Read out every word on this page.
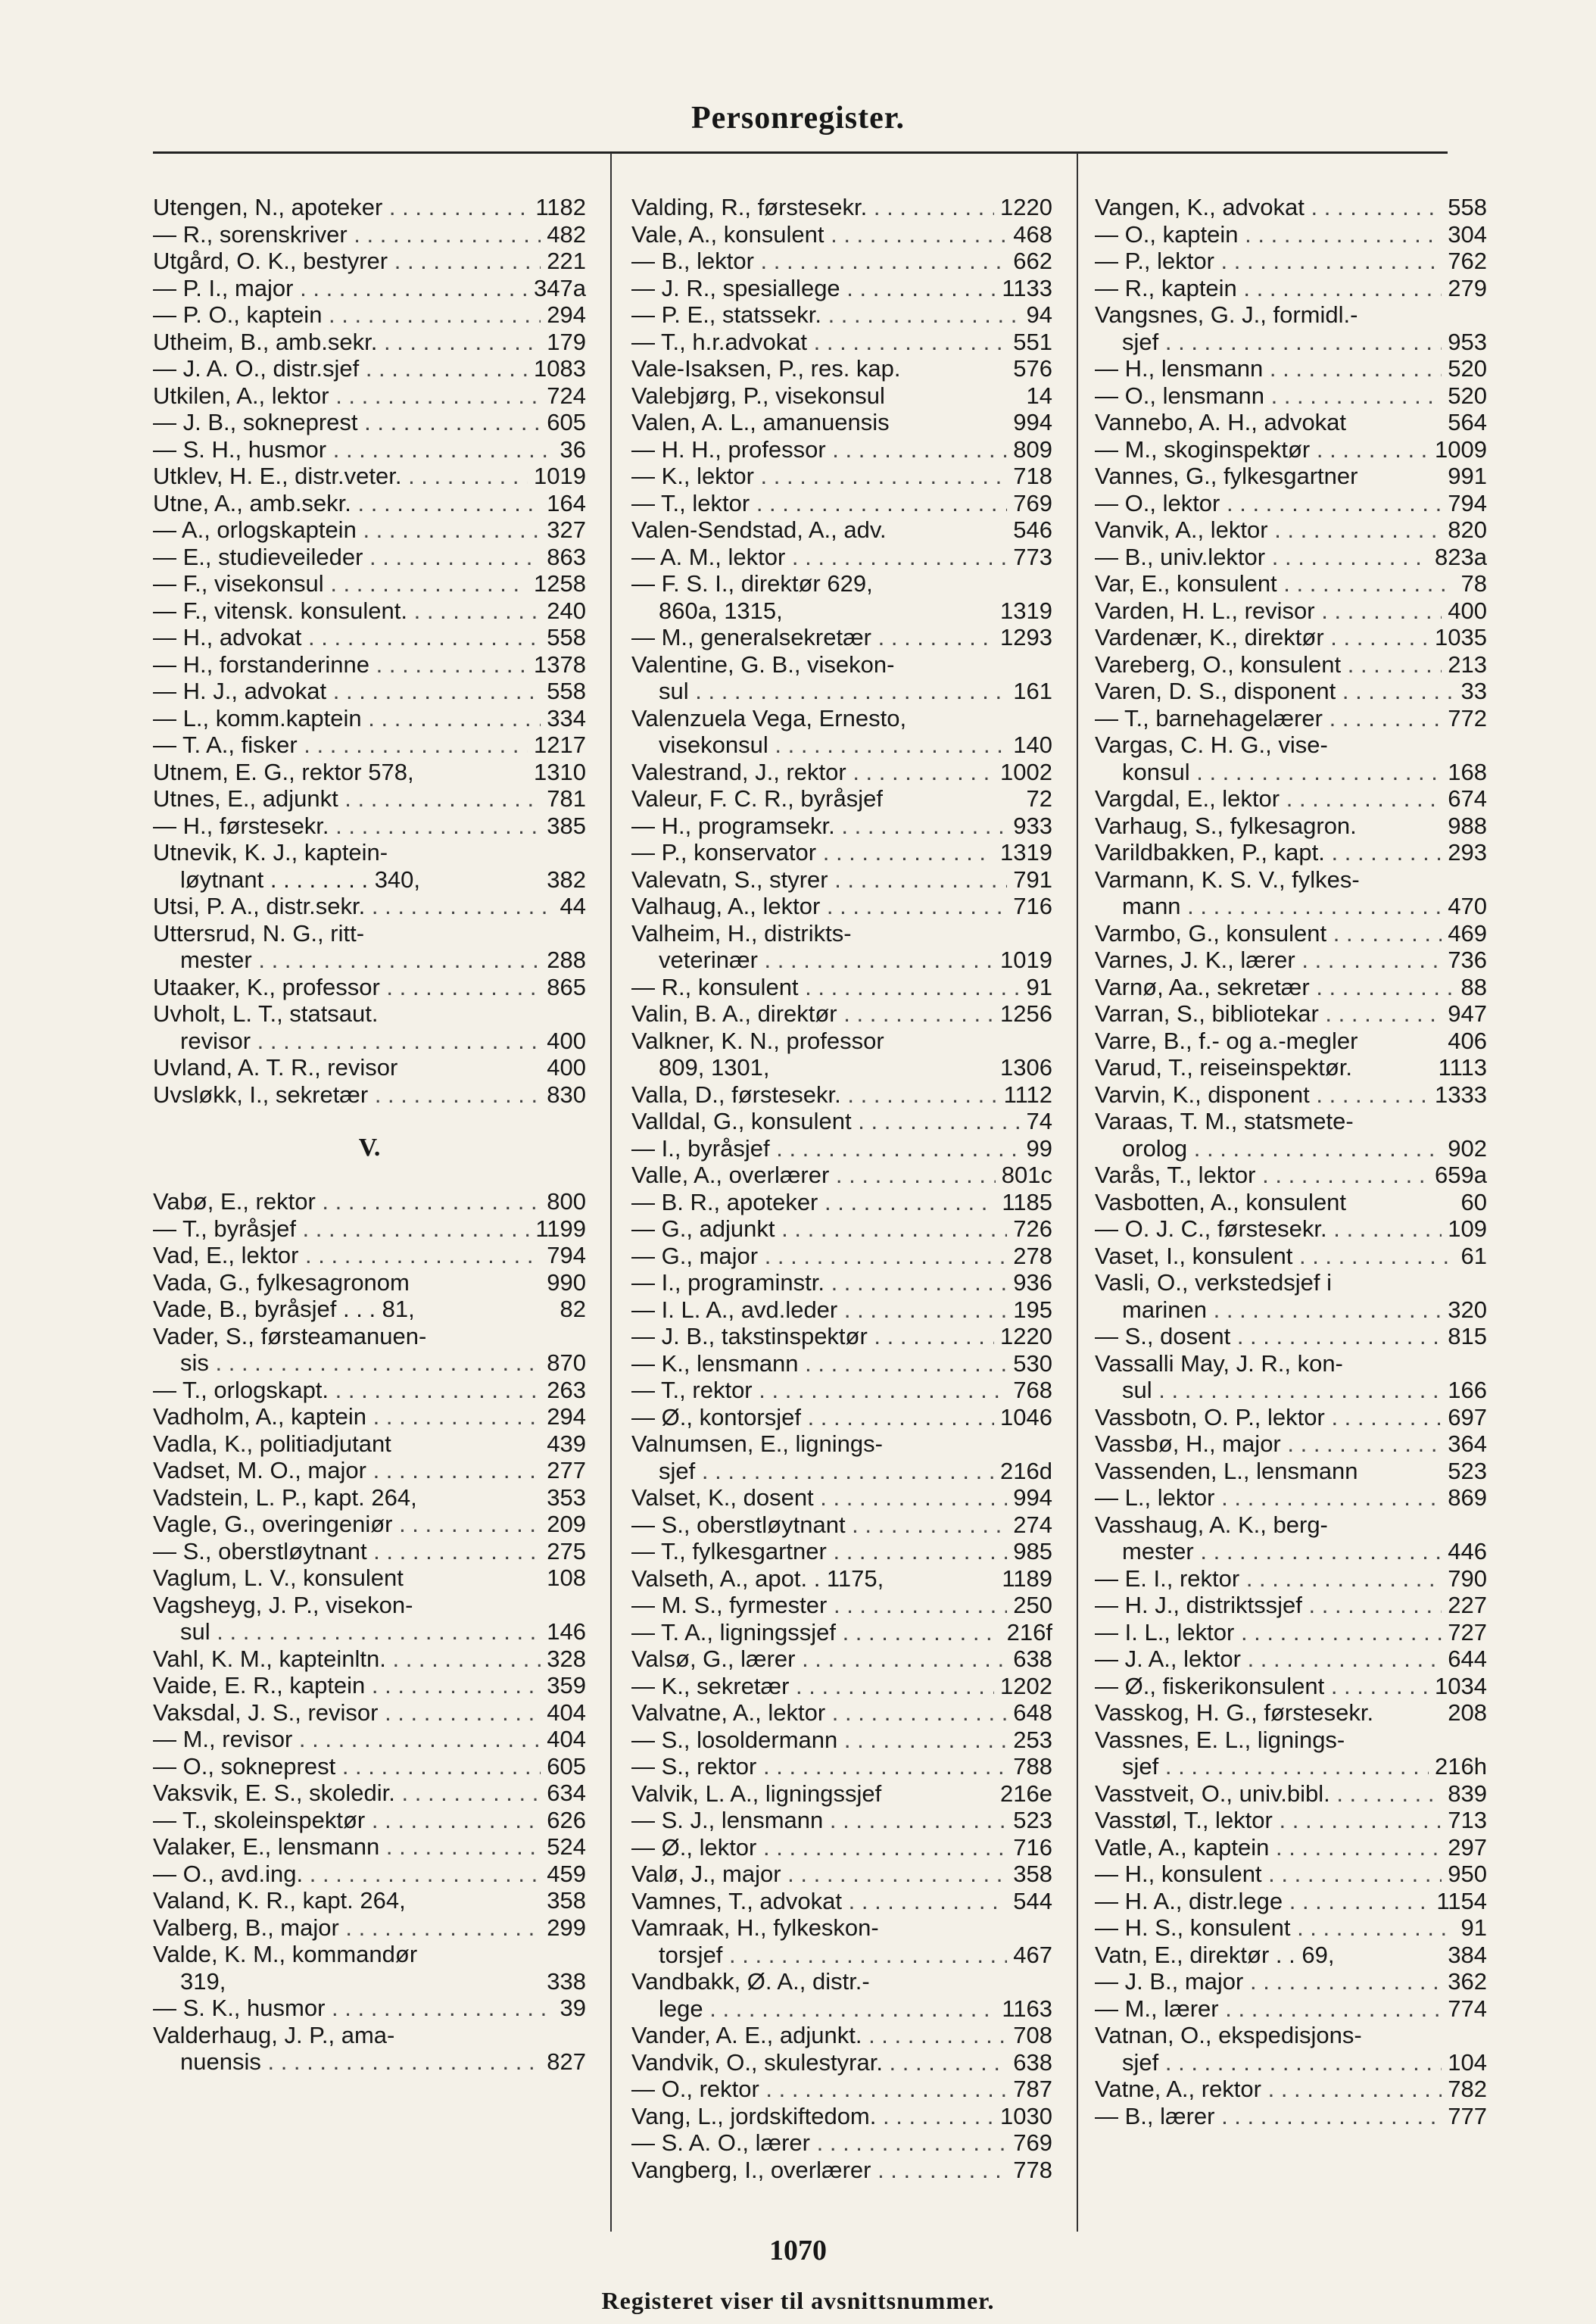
Personregister.
Utengen, N., apoteker . . .	1182
— R., sorenskriver . . .	482
Utgård, O. K., bestyrer . . .	221
— P. I., major . . .	347a
— P. O., kaptein . . .	294
Utheim, B., amb.sekr. . . .	179
— J. A. O., distr.sjef . . .	1083
Utkilen, A., lektor . . .	724
— J. B., sokneprest . . .	605
— S. H., husmor . . .	36
Utklev, H. E., distr.veter. . . .	1019
Utne, A., amb.sekr. . . .	164
— A., orlogskaptein . . .	327
— E., studieveileder . . .	863
— F., visekonsul . . .	1258
— F., vitensk. konsulent. . . .	240
— H., advokat . . .	558
— H., forstanderinne . . .	1378
— H. J., advokat . . .	558
— L., komm.kaptein . . .	334
— T. A., fisker . . .	1217
Utnem, E. G., rektor 578,	1310
Utnes, E., adjunkt . . .	781
— H., førstesekr. . . .	385
Utnevik, K. J., kaptein-
løytnant . . . . . . . . 340,	382
Utsi, P. A., distr.sekr. . . .	44
Uttersrud, N. G., ritt-
mester . . .	288
Utaaker, K., professor . . .	865
Uvholt, L. T., statsaut.
revisor . . .	400
Uvland, A. T. R., revisor	400
Uvsløkk, I., sekretær . . .	830
V.
Vabø, E., rektor . . .	800
— T., byråsjef . . .	1199
Vad, E., lektor . . .	794
Vada, G., fylkesagronom	990
Vade, B., byråsjef . . . 81,	82
Vader, S., førsteamanuen-
sis . . .	870
— T., orlogskapt. . . .	263
Vadholm, A., kaptein . . .	294
Vadla, K., politiadjutant	439
Vadset, M. O., major . . .	277
Vadstein, L. P., kapt. 264,	353
Vagle, G., overingeniør . . .	209
— S., oberstløytnant . . .	275
Vaglum, L. V., konsulent	108
Vagsheyg, J. P., visekon-
sul . . .	146
Vahl, K. M., kapteinltn. . . .	328
Vaide, E. R., kaptein . . .	359
Vaksdal, J. S., revisor . . .	404
— M., revisor . . .	404
— O., sokneprest . . .	605
Vaksvik, E. S., skoledir. . . .	634
— T., skoleinspektør . . .	626
Valaker, E., lensmann . . .	524
— O., avd.ing. . . .	459
Valand, K. R., kapt. 264,	358
Valberg, B., major . . .	299
Valde, K. M., kommandør
319,	338
— S. K., husmor . . .	39
Valderhaug, J. P., ama-
nuensis . . .	827
Valding, R., førstesekr. . . .	1220
Vale, A., konsulent . . .	468
— B., lektor . . .	662
— J. R., spesiallege . . .	1133
— P. E., statssekr. . . .	94
— T., h.r.advokat . . .	551
Vale-Isaksen, P., res. kap.	576
Valebjørg, P., visekonsul	14
Valen, A. L., amanuensis	994
— H. H., professor . . .	809
— K., lektor . . .	718
— T., lektor . . .	769
Valen-Sendstad, A., adv.	546
— A. M., lektor . . .	773
— F. S. I., direktør 629,
860a, 1315,	1319
— M., generalsekretær . . .	1293
Valentine, G. B., visekon-
sul . . .	161
Valenzuela Vega, Ernesto,
visekonsul . . .	140
Valestrand, J., rektor . . .	1002
Valeur, F. C. R., byråsjef	72
— H., programsekr. . . .	933
— P., konservator . . .	1319
Valevatn, S., styrer . . .	791
Valhaug, A., lektor . . .	716
Valheim, H., distrikts-
veterinær . . .	1019
— R., konsulent . . .	91
Valin, B. A., direktør . . .	1256
Valkner, K. N., professor
809, 1301,	1306
Valla, D., førstesekr. . . .	1112
Valldal, G., konsulent . . .	74
— I., byråsjef . . .	99
Valle, A., overlærer . . .	801c
— B. R., apoteker . . .	1185
— G., adjunkt . . .	726
— G., major . . .	278
— I., programinstr. . . .	936
— I. L. A., avd.leder . . .	195
— J. B., takstinspektør . . .	1220
— K., lensmann . . .	530
— T., rektor . . .	768
— Ø., kontorsjef . . .	1046
Valnumsen, E., lignings-
sjef . . .	216d
Valset, K., dosent . . .	994
— S., oberstløytnant . . .	274
— T., fylkesgartner . . .	985
Valseth, A., apot. . 1175,	1189
— M. S., fyrmester . . .	250
— T. A., ligningssjef . . .	216f
Valsø, G., lærer . . .	638
— K., sekretær . . .	1202
Valvatne, A., lektor . . .	648
— S., losoldermann . . .	253
— S., rektor . . .	788
Valvik, L. A., ligningssjef	216e
— S. J., lensmann . . .	523
— Ø., lektor . . .	716
Valø, J., major . . .	358
Vamnes, T., advokat . . .	544
Vamraak, H., fylkeskon-
torsjef . . .	467
Vandbakk, Ø. A., distr.-
lege . . .	1163
Vander, A. E., adjunkt. . . .	708
Vandvik, O., skulestyrar. . . .	638
— O., rektor . . .	787
Vang, L., jordskiftedom. . . .	1030
— S. A. O., lærer . . .	769
Vangberg, I., overlærer . . .	778
Vangen, K., advokat . . .	558
— O., kaptein . . .	304
— P., lektor . . .	762
— R., kaptein . . .	279
Vangsnes, G. J., formidl.-
sjef . . .	953
— H., lensmann . . .	520
— O., lensmann . . .	520
Vannebo, A. H., advokat	564
— M., skoginspektør . . .	1009
Vannes, G., fylkesgartner	991
— O., lektor . . .	794
Vanvik, A., lektor . . .	820
— B., univ.lektor . . .	823a
Var, E., konsulent . . .	78
Varden, H. L., revisor . . .	400
Vardenær, K., direktør . . .	1035
Vareberg, O., konsulent . . .	213
Varen, D. S., disponent . . .	33
— T., barnehagelærer . . .	772
Vargas, C. H. G., vise-
konsul . . .	168
Vargdal, E., lektor . . .	674
Varhaug, S., fylkesagron.	988
Varildbakken, P., kapt. . . .	293
Varmann, K. S. V., fylkes-
mann . . .	470
Varmbo, G., konsulent . . .	469
Varnes, J. K., lærer . . .	736
Varnø, Aa., sekretær . . .	88
Varran, S., bibliotekar . . .	947
Varre, B., f.- og a.-megler	406
Varud, T., reiseinspektør.	1113
Varvin, K., disponent . . .	1333
Varaas, T. M., statsmete-
orolog . . .	902
Varås, T., lektor . . .	659a
Vasbotten, A., konsulent	60
— O. J. C., førstesekr. . . .	109
Vaset, I., konsulent . . .	61
Vasli, O., verkstedsjef i
marinen . . .	320
— S., dosent . . .	815
Vassalli May, J. R., kon-
sul . . .	166
Vassbotn, O. P., lektor . . .	697
Vassbø, H., major . . .	364
Vassenden, L., lensmann	523
— L., lektor . . .	869
Vasshaug, A. K., berg-
mester . . .	446
— E. I., rektor . . .	790
— H. J., distriktssjef . . .	227
— I. L., lektor . . .	727
— J. A., lektor . . .	644
— Ø., fiskerikonsulent . . .	1034
Vasskog, H. G., førstesekr.	208
Vassnes, E. L., lignings-
sjef . . .	216h
Vasstveit, O., univ.bibl. . . .	839
Vasstøl, T., lektor . . .	713
Vatle, A., kaptein . . .	297
— H., konsulent . . .	950
— H. A., distr.lege . . .	1154
— H. S., konsulent . . .	91
Vatn, E., direktør . . 69,	384
— J. B., major . . .	362
— M., lærer . . .	774
Vatnan, O., ekspedisjons-
sjef . . .	104
Vatne, A., rektor . . .	782
— B., lærer . . .	777
1070
Registeret viser til avsnittsnummer.
